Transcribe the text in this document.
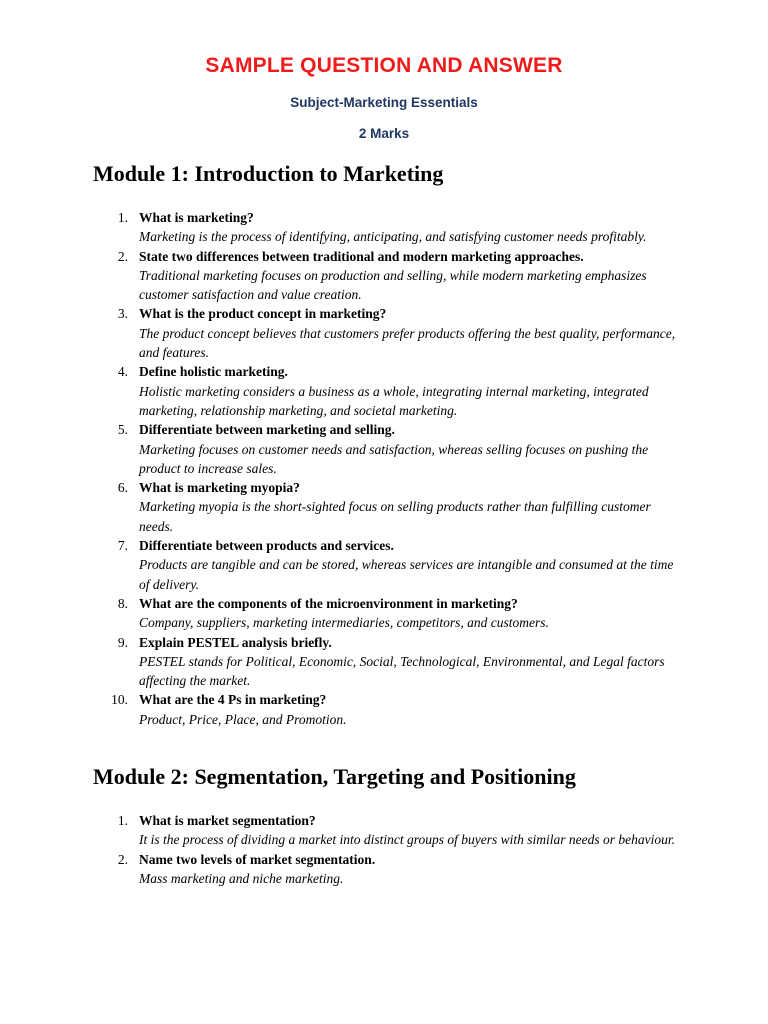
SAMPLE QUESTION AND ANSWER
Subject-Marketing Essentials
2 Marks
Module 1: Introduction to Marketing
1. What is marketing?
Marketing is the process of identifying, anticipating, and satisfying customer needs profitably.
2. State two differences between traditional and modern marketing approaches.
Traditional marketing focuses on production and selling, while modern marketing emphasizes customer satisfaction and value creation.
3. What is the product concept in marketing?
The product concept believes that customers prefer products offering the best quality, performance, and features.
4. Define holistic marketing.
Holistic marketing considers a business as a whole, integrating internal marketing, integrated marketing, relationship marketing, and societal marketing.
5. Differentiate between marketing and selling.
Marketing focuses on customer needs and satisfaction, whereas selling focuses on pushing the product to increase sales.
6. What is marketing myopia?
Marketing myopia is the short-sighted focus on selling products rather than fulfilling customer needs.
7. Differentiate between products and services.
Products are tangible and can be stored, whereas services are intangible and consumed at the time of delivery.
8. What are the components of the microenvironment in marketing?
Company, suppliers, marketing intermediaries, competitors, and customers.
9. Explain PESTEL analysis briefly.
PESTEL stands for Political, Economic, Social, Technological, Environmental, and Legal factors affecting the market.
10. What are the 4 Ps in marketing?
Product, Price, Place, and Promotion.
Module 2: Segmentation, Targeting and Positioning
1. What is market segmentation?
It is the process of dividing a market into distinct groups of buyers with similar needs or behaviour.
2. Name two levels of market segmentation.
Mass marketing and niche marketing.
